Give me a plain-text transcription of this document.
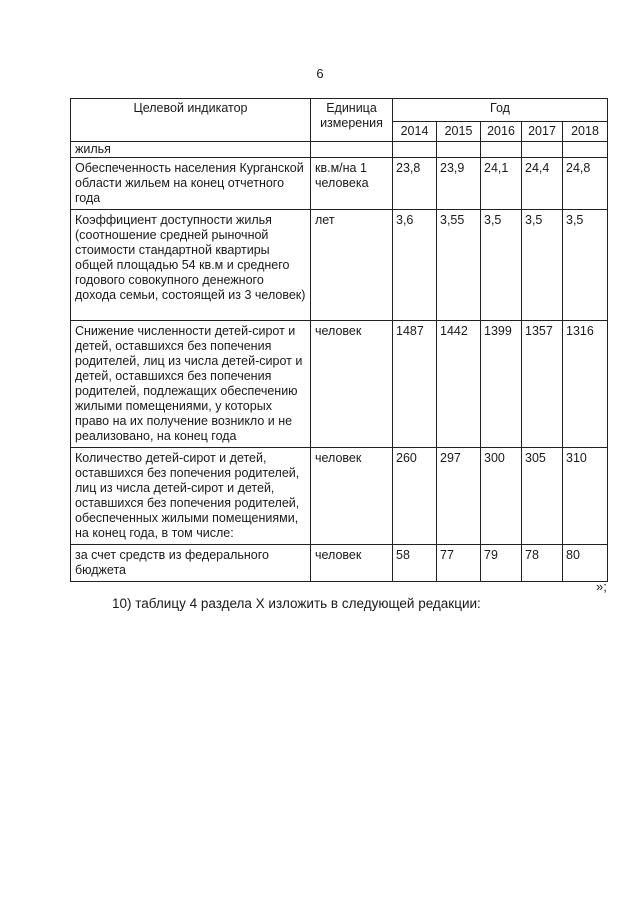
6
Целевой индикатор	Единица измерения	Год				
		2014	2015	2016	2017	2018
жилья						
Обеспеченность населения Курганской области жильем на конец отчетного года	кв.м/на 1 человека	23,8	23,9	24,1	24,4	24,8
Коэффициент доступности жилья (соотношение средней рыночной стоимости стандартной квартиры общей площадью 54 кв.м и среднего годового совокупного денежного дохода семьи, состоящей из 3 человек)	лет	3,6	3,55	3,5	3,5	3,5
Снижение численности детей-сирот и детей, оставшихся без попечения родителей, лиц из числа детей-сирот и детей, оставшихся без попечения родителей, подлежащих обеспечению жилыми помещениями, у которых право на их получение возникло и не реализовано, на конец года	человек	1487	1442	1399	1357	1316
Количество детей-сирот и детей, оставшихся без попечения родителей, лиц из числа детей-сирот и детей, оставшихся без попечения родителей, обеспеченных жилыми помещениями, на конец года, в том числе:	человек	260	297	300	305	310
за счет средств из федерального бюджета	человек	58	77	79	78	80
»;
10) таблицу 4 раздела X изложить в следующей редакции:
